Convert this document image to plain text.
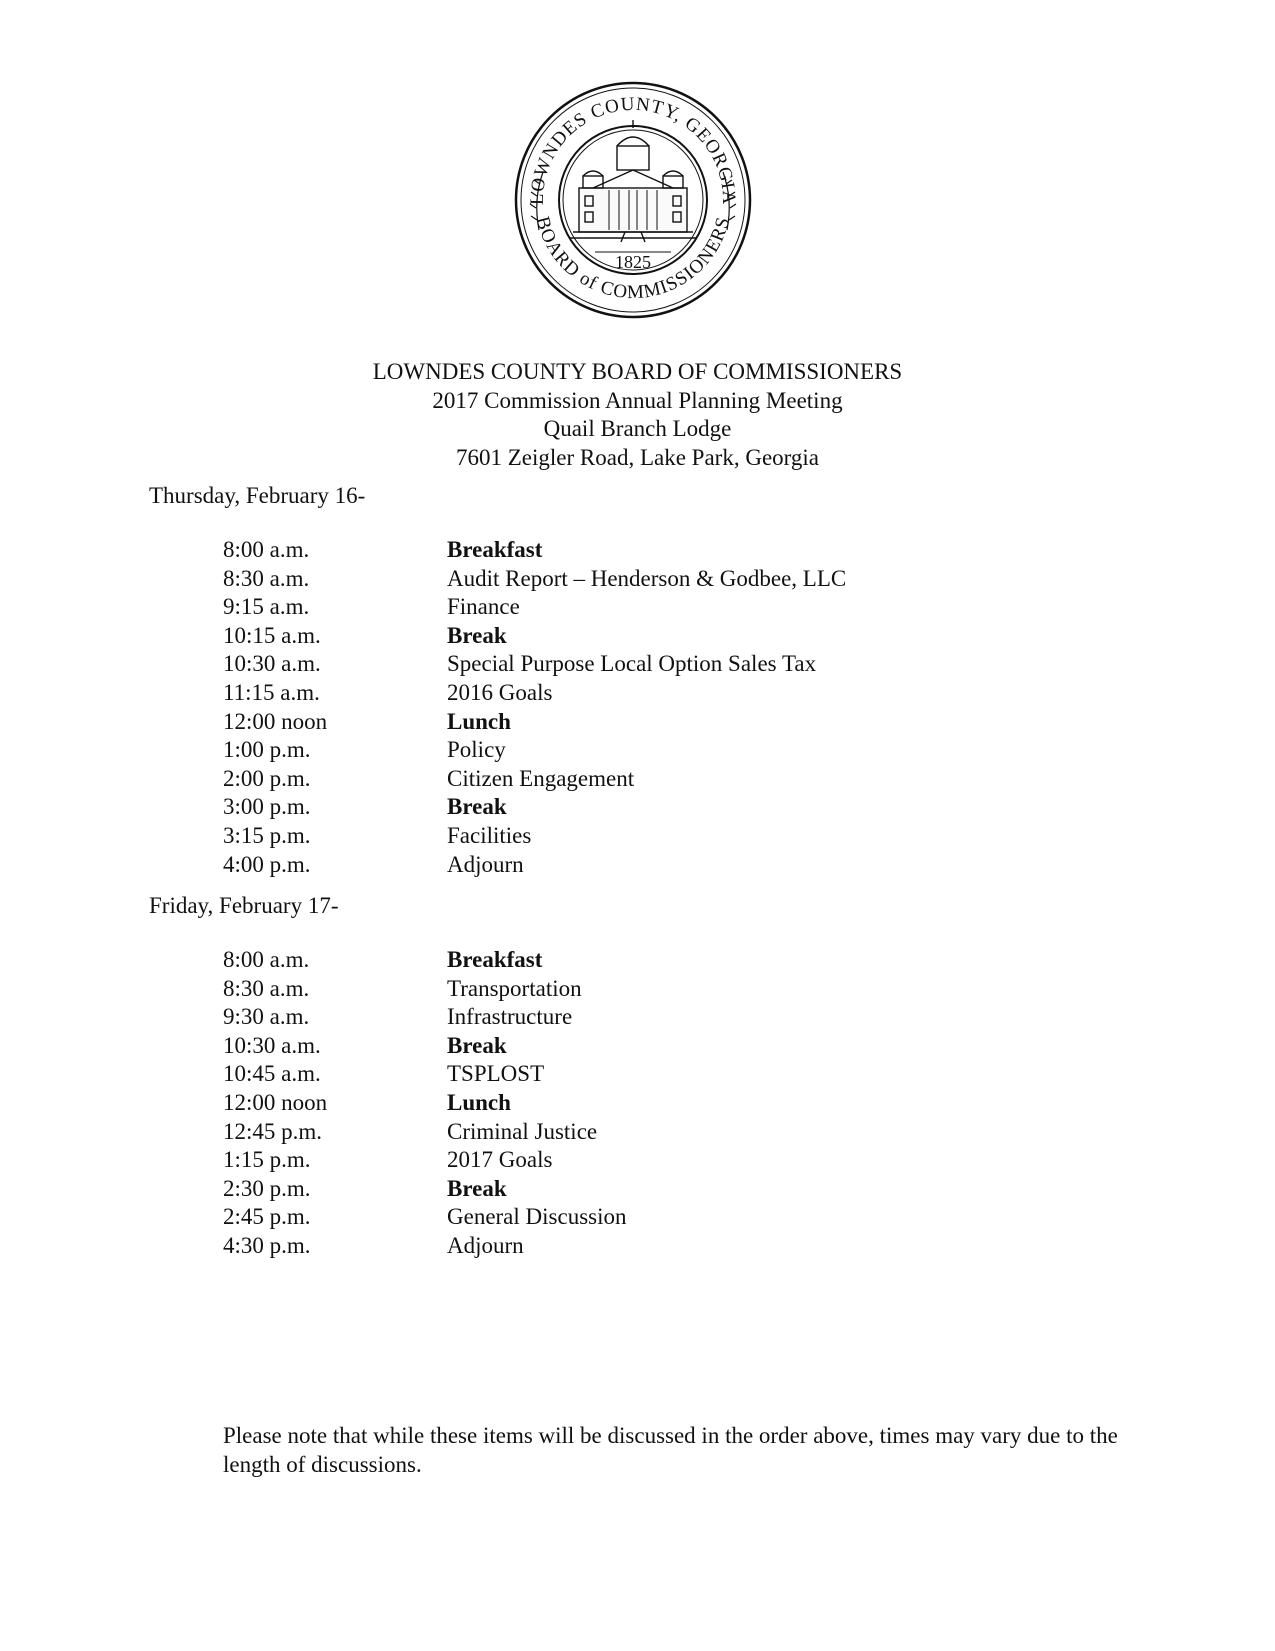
LOWNDES COUNTY, GEORGIA
BOARD of COMMISSIONERS
1825
LOWNDES COUNTY BOARD OF COMMISSIONERS
2017 Commission Annual Planning Meeting
Quail Branch Lodge
7601 Zeigler Road, Lake Park, Georgia
Thursday, February 16-
8:00 a.m.	Breakfast
8:30 a.m.	Audit Report – Henderson & Godbee, LLC
9:15 a.m.	Finance
10:15 a.m.	Break
10:30 a.m.	Special Purpose Local Option Sales Tax
11:15 a.m.	2016 Goals
12:00 noon	Lunch
1:00 p.m.	Policy
2:00 p.m.	Citizen Engagement
3:00 p.m.	Break
3:15 p.m.	Facilities
4:00 p.m.	Adjourn
Friday, February 17-
8:00 a.m.	Breakfast
8:30 a.m.	Transportation
9:30 a.m.	Infrastructure
10:30 a.m.	Break
10:45 a.m.	TSPLOST
12:00 noon	Lunch
12:45 p.m.	Criminal Justice
1:15 p.m.	2017 Goals
2:30 p.m.	Break
2:45 p.m.	General Discussion
4:30 p.m.	Adjourn
Please note that while these items will be discussed in the order above, times may vary due to the length of discussions.
